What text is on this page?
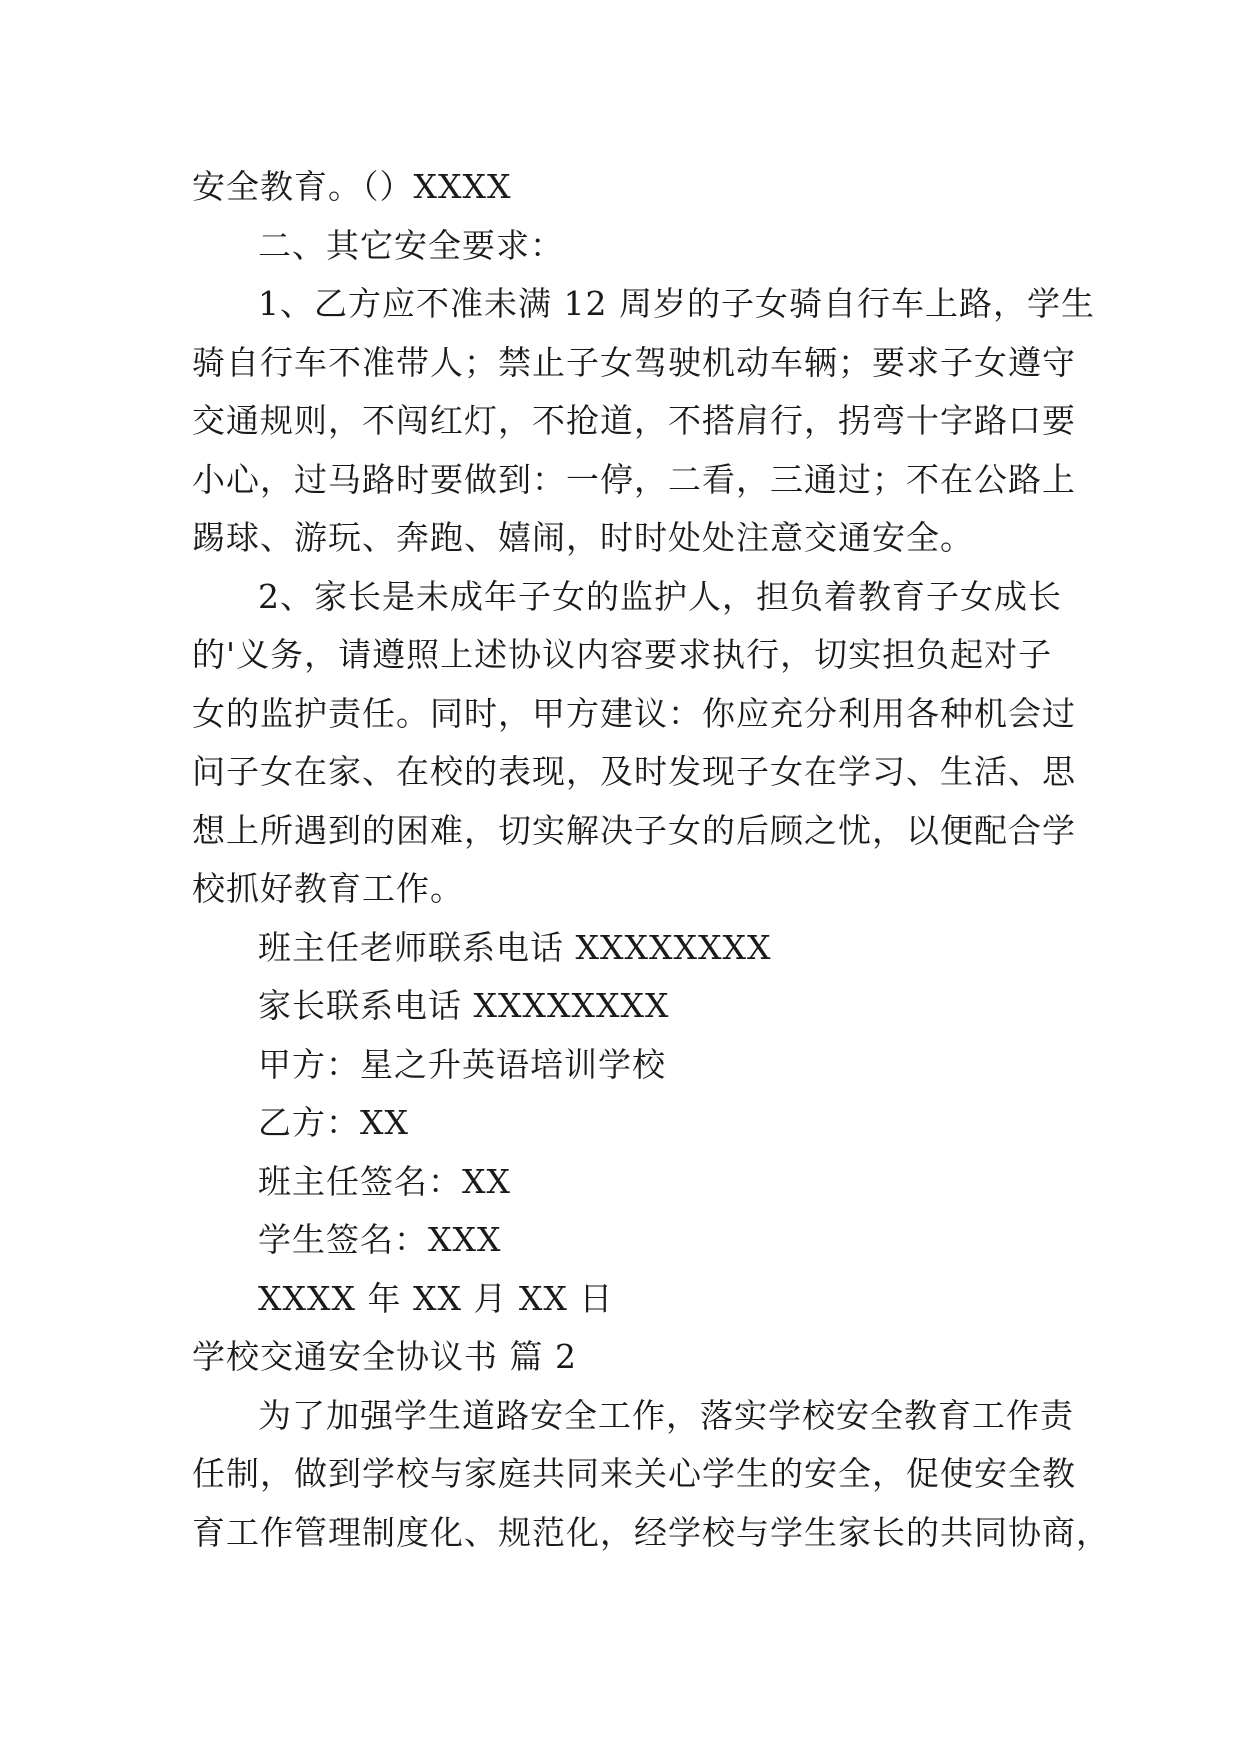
安全教育。（）XXXX
二、其它安全要求：
1、乙方应不准未满 12 周岁的子女骑自行车上路，学生
骑自行车不准带人；禁止子女驾驶机动车辆；要求子女遵守
交通规则，不闯红灯，不抢道，不搭肩行，拐弯十字路口要
小心，过马路时要做到：一停，二看，三通过；不在公路上
踢球、游玩、奔跑、嬉闹，时时处处注意交通安全。
2、家长是未成年子女的监护人，担负着教育子女成长
的'义务，请遵照上述协议内容要求执行，切实担负起对子
女的监护责任。同时，甲方建议：你应充分利用各种机会过
问子女在家、在校的表现，及时发现子女在学习、生活、思
想上所遇到的困难，切实解决子女的后顾之忧，以便配合学
校抓好教育工作。
班主任老师联系电话 XXXXXXXX
家长联系电话 XXXXXXXX
甲方：星之升英语培训学校
乙方：XX
班主任签名：XX
学生签名：XXX
XXXX 年 XX 月 XX 日
学校交通安全协议书 篇 2
为了加强学生道路安全工作，落实学校安全教育工作责
任制，做到学校与家庭共同来关心学生的安全，促使安全教
育工作管理制度化、规范化，经学校与学生家长的共同协商，
